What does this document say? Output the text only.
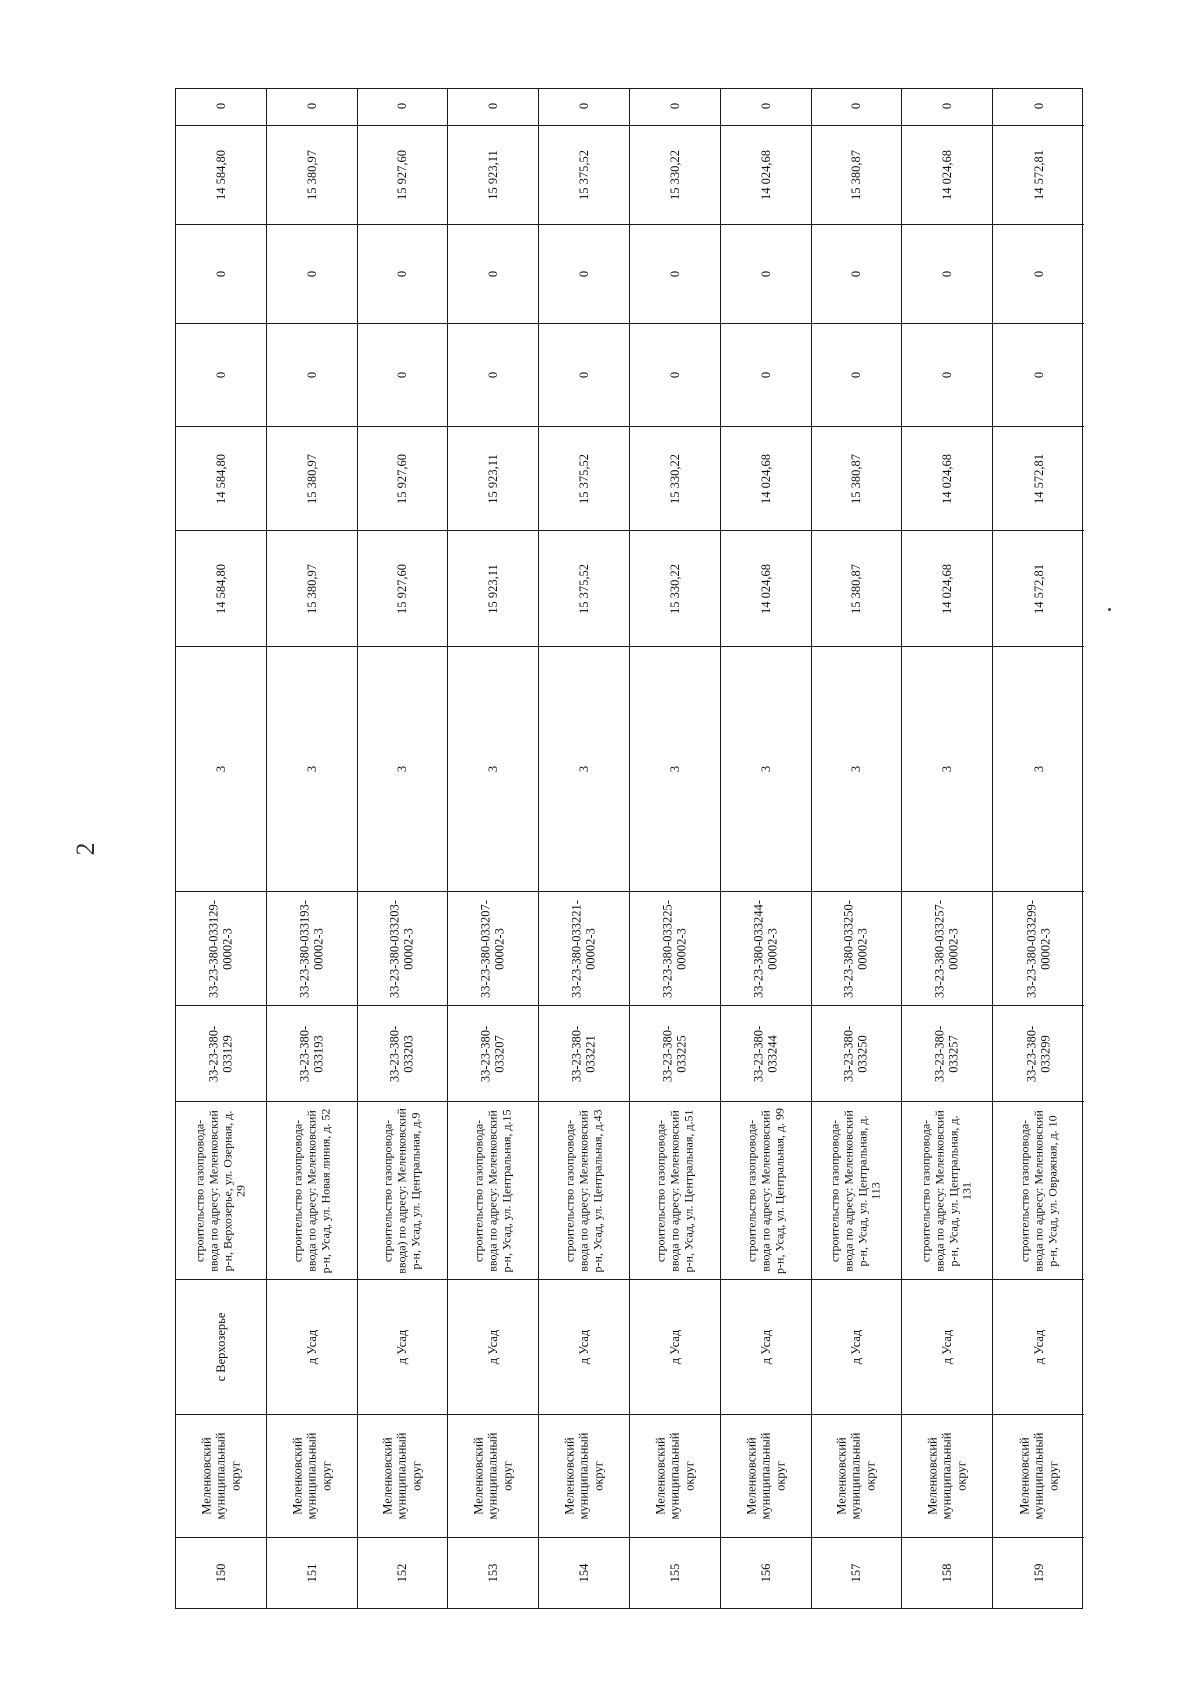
2
150
Меленковский муниципальный округ
с Верхозерье
строительство газопровода-ввода по адресу: Меленковский р-н, Верхозерье, ул. Озерная, д. 29
33-23-380-033129
33-23-380-033129-00002-3
3
14 584,80
14 584,80
0
0
14 584,80
0
151
Меленковский муниципальный округ
д Усад
строительство газопровода-ввода по адресу: Меленковский р-н, Усад, ул. Новая линия, д. 52
33-23-380-033193
33-23-380-033193-00002-3
3
15 380,97
15 380,97
0
0
15 380,97
0
152
Меленковский муниципальный округ
д Усад
строительство газопровода-ввода) по адресу: Меленковский р-н, Усад, ул. Центральная, д.9
33-23-380-033203
33-23-380-033203-00002-3
3
15 927,60
15 927,60
0
0
15 927,60
0
153
Меленковский муниципальный округ
д Усад
строительство газопровода-ввода по адресу: Меленковский р-н, Усад, ул. Центральная, д.15
33-23-380-033207
33-23-380-033207-00002-3
3
15 923,11
15 923,11
0
0
15 923,11
0
154
Меленковский муниципальный округ
д Усад
строительство газопровода-ввода по адресу: Меленковский р-н, Усад, ул. Центральная, д.43
33-23-380-033221
33-23-380-033221-00002-3
3
15 375,52
15 375,52
0
0
15 375,52
0
155
Меленковский муниципальный округ
д Усад
строительство газопровода-ввода по адресу: Меленковский р-н, Усад, ул. Центральная, д.51
33-23-380-033225
33-23-380-033225-00002-3
3
15 330,22
15 330,22
0
0
15 330,22
0
156
Меленковский муниципальный округ
д Усад
строительство газопровода-ввода по адресу: Меленковский р-н, Усад, ул. Центральная, д. 99
33-23-380-033244
33-23-380-033244-00002-3
3
14 024,68
14 024,68
0
0
14 024,68
0
157
Меленковский муниципальный округ
д Усад
строительство газопровода-ввода по адресу: Меленковский р-н, Усад, ул. Центральная, д. 113
33-23-380-033250
33-23-380-033250-00002-3
3
15 380,87
15 380,87
0
0
15 380,87
0
158
Меленковский муниципальный округ
д Усад
строительство газопровода-ввода по адресу: Меленковский р-н, Усад, ул. Центральная, д. 131
33-23-380-033257
33-23-380-033257-00002-3
3
14 024,68
14 024,68
0
0
14 024,68
0
159
Меленковский муниципальный округ
д Усад
строительство газопровода-ввода по адресу: Меленковский р-н, Усад, ул. Овражная, д. 10
33-23-380-033299
33-23-380-033299-00002-3
3
14 572,81
14 572,81
0
0
14 572,81
0
